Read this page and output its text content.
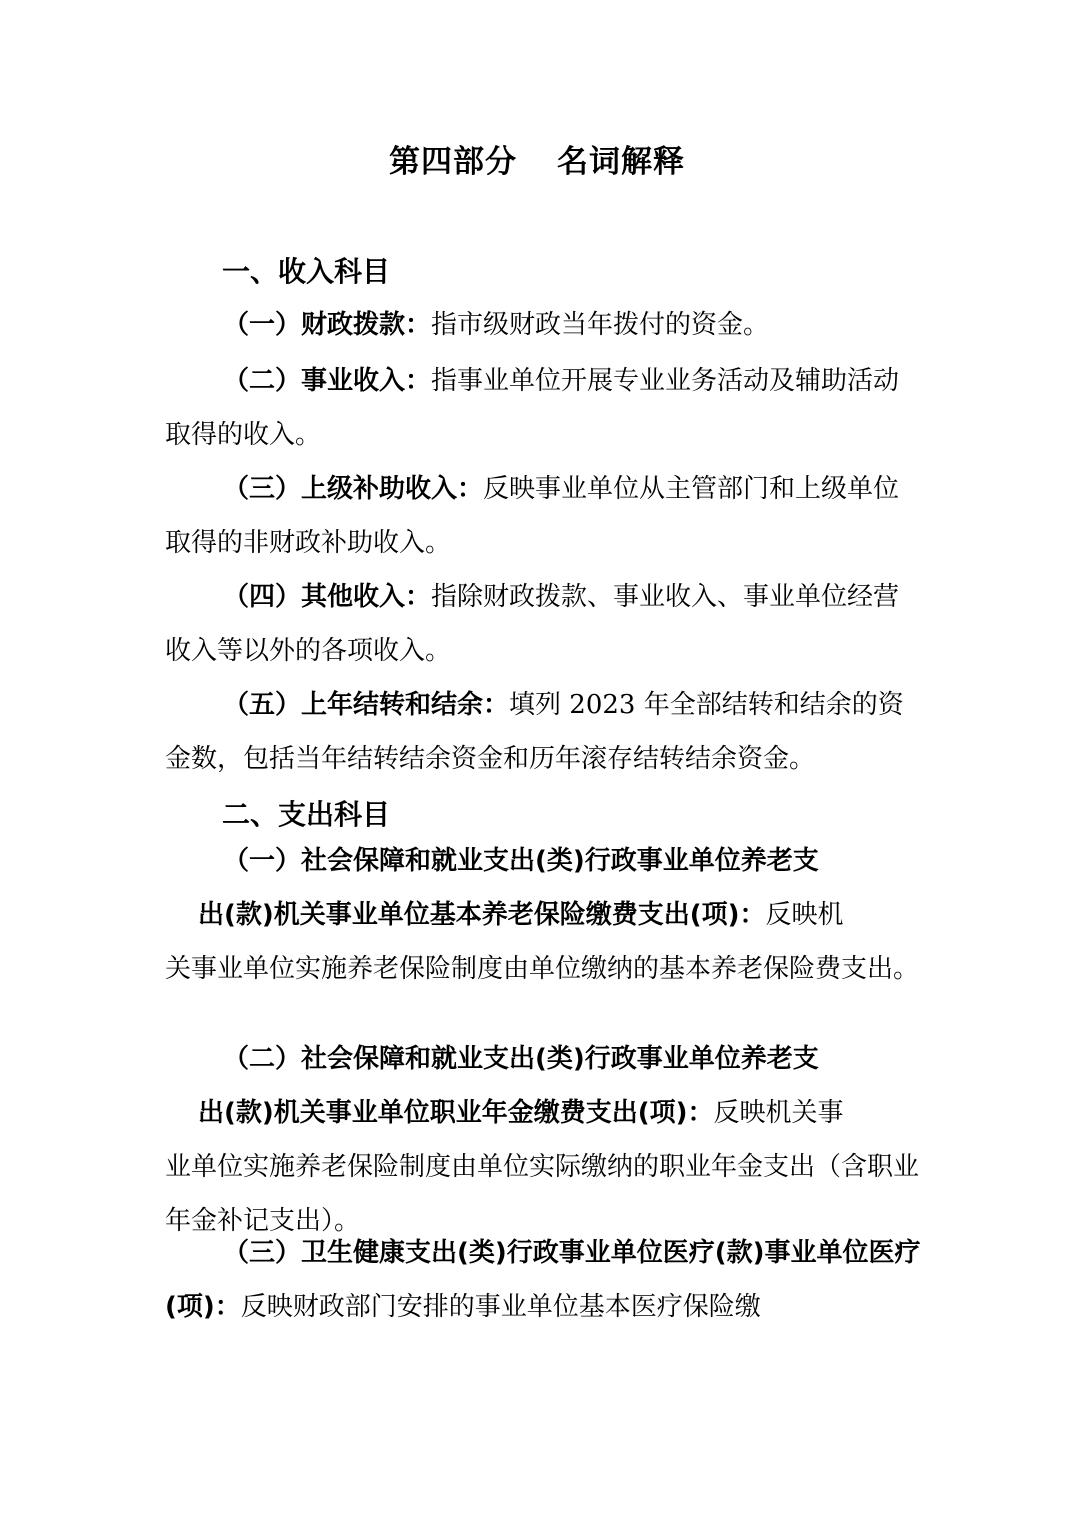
第四部分 名词解释
一、收入科目
（一）财政拨款：指市级财政当年拨付的资金。
（二）事业收入：指事业单位开展专业业务活动及辅助活动取得的收入。
（三）上级补助收入：反映事业单位从主管部门和上级单位取得的非财政补助收入。
（四）其他收入：指除财政拨款、事业收入、事业单位经营收入等以外的各项收入。
（五）上年结转和结余：填列 2023 年全部结转和结余的资金数，包括当年结转结余资金和历年滚存结转结余资金。
二、支出科目
（一）社会保障和就业支出(类)行政事业单位养老支
出(款)机关事业单位基本养老保险缴费支出(项)：反映机
关事业单位实施养老保险制度由单位缴纳的基本养老保险费支出。
（二）社会保障和就业支出(类)行政事业单位养老支
出(款)机关事业单位职业年金缴费支出(项)：反映机关事
业单位实施养老保险制度由单位实际缴纳的职业年金支出（含职业年金补记支出）。
（三）卫生健康支出(类)行政事业单位医疗(款)事业单位医疗(项)：反映财政部门安排的事业单位基本医疗保险缴
